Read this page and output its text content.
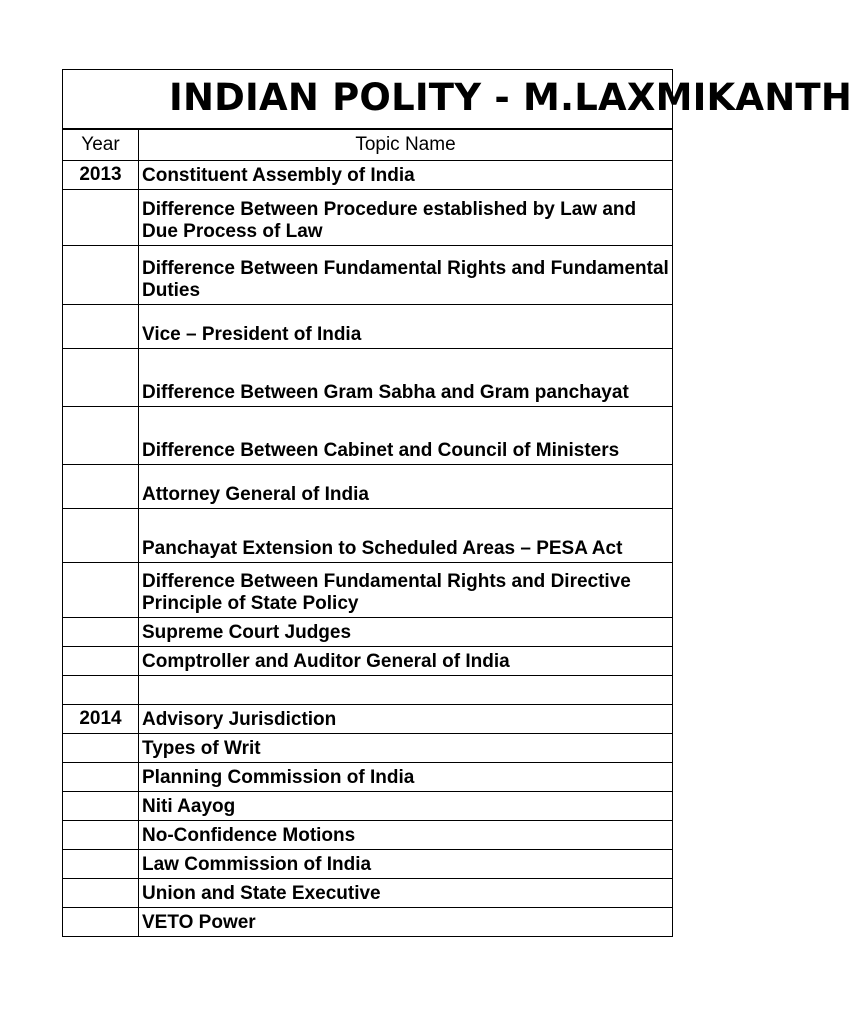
INDIAN POLITY - M.LAXMIKANTH
Year	Topic Name
2013	Constituent Assembly of India
	Difference Between Procedure established by Law and Due Process of Law
	Difference Between Fundamental Rights and Fundamental Duties
	Vice – President of India
	Difference Between Gram Sabha and Gram panchayat
	Difference Between Cabinet and Council of Ministers
	Attorney General of India
	Panchayat Extension to Scheduled Areas – PESA Act
	Difference Between Fundamental Rights and Directive Principle of State Policy
	Supreme Court Judges
	Comptroller and Auditor General of India

2014	Advisory Jurisdiction
	Types of Writ
	Planning Commission of India
	Niti Aayog
	No-Confidence Motions
	Law Commission of India
	Union and State Executive
	VETO Power
